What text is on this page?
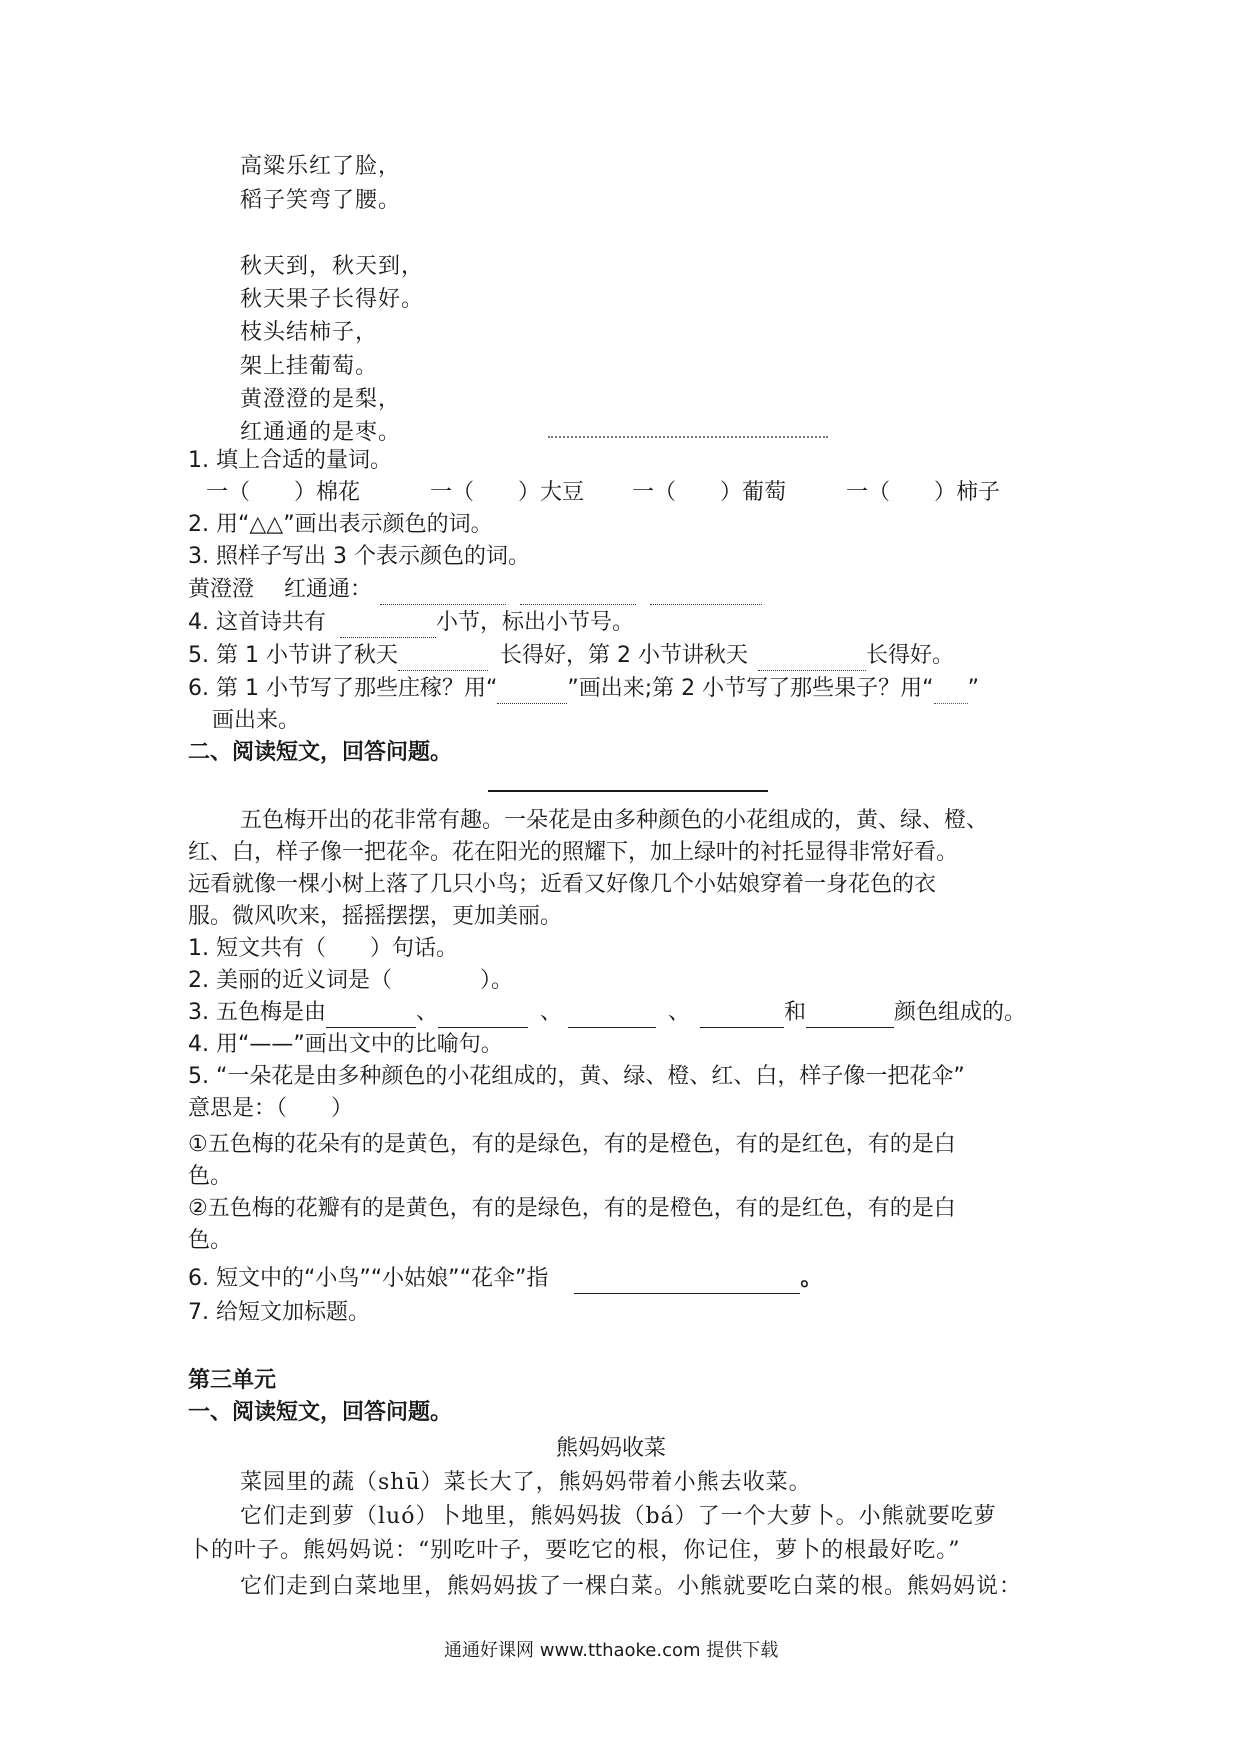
高粱乐红了脸，
稻子笑弯了腰。
秋天到，秋天到，
秋天果子长得好。
枝头结柿子，
架上挂葡萄。
黄澄澄的是梨，
红通通的是枣。
1. 填上合适的量词。
一（　　）棉花	一（　　）大豆 一（　　）葡萄	一（　　）柿子
2. 用“△△”画出表示颜色的词。
3. 照样子写出 3 个表示颜色的词。
黄澄澄 红通通：
4. 这首诗共有	小节，标出小节号。
5. 第 1 小节讲了秋天	长得好，第 2 小节讲秋天	长得好。
6. 第 1 小节写了那些庄稼？用“	”画出来;第 2 小节写了那些果子？用“ ”
画出来。
二、阅读短文，回答问题。
五色梅开出的花非常有趣。一朵花是由多种颜色的小花组成的，黄、绿、橙、
红、白，样子像一把花伞。花在阳光的照耀下，加上绿叶的衬托显得非常好看。
远看就像一棵小树上落了几只小鸟；近看又好像几个小姑娘穿着一身花色的衣
服。微风吹来，摇摇摆摆，更加美丽。
1. 短文共有（　　）句话。
2. 美丽的近义词是（　　　　）。
3. 五色梅是由	、	、	、	和	颜色组成的。
4. 用“——”画出文中的比喻句。
5. “一朵花是由多种颜色的小花组成的，黄、绿、橙、红、白，样子像一把花伞”
意思是：（　　）
①五色梅的花朵有的是黄色，有的是绿色，有的是橙色，有的是红色，有的是白
色。
②五色梅的花瓣有的是黄色，有的是绿色，有的是橙色，有的是红色，有的是白
色。
6. 短文中的“小鸟”“小姑娘”“花伞”指	。
7. 给短文加标题。
第三单元
一、阅读短文，回答问题。
熊妈妈收菜
菜园里的蔬（shū）菜长大了，熊妈妈带着小熊去收菜。
它们走到萝（luó）卜地里，熊妈妈拔（bá）了一个大萝卜。小熊就要吃萝
卜的叶子。熊妈妈说：“别吃叶子，要吃它的根，你记住，萝卜的根最好吃。”
它们走到白菜地里，熊妈妈拔了一棵白菜。小熊就要吃白菜的根。熊妈妈说：
通通好课网 www.tthaoke.com 提供下载
